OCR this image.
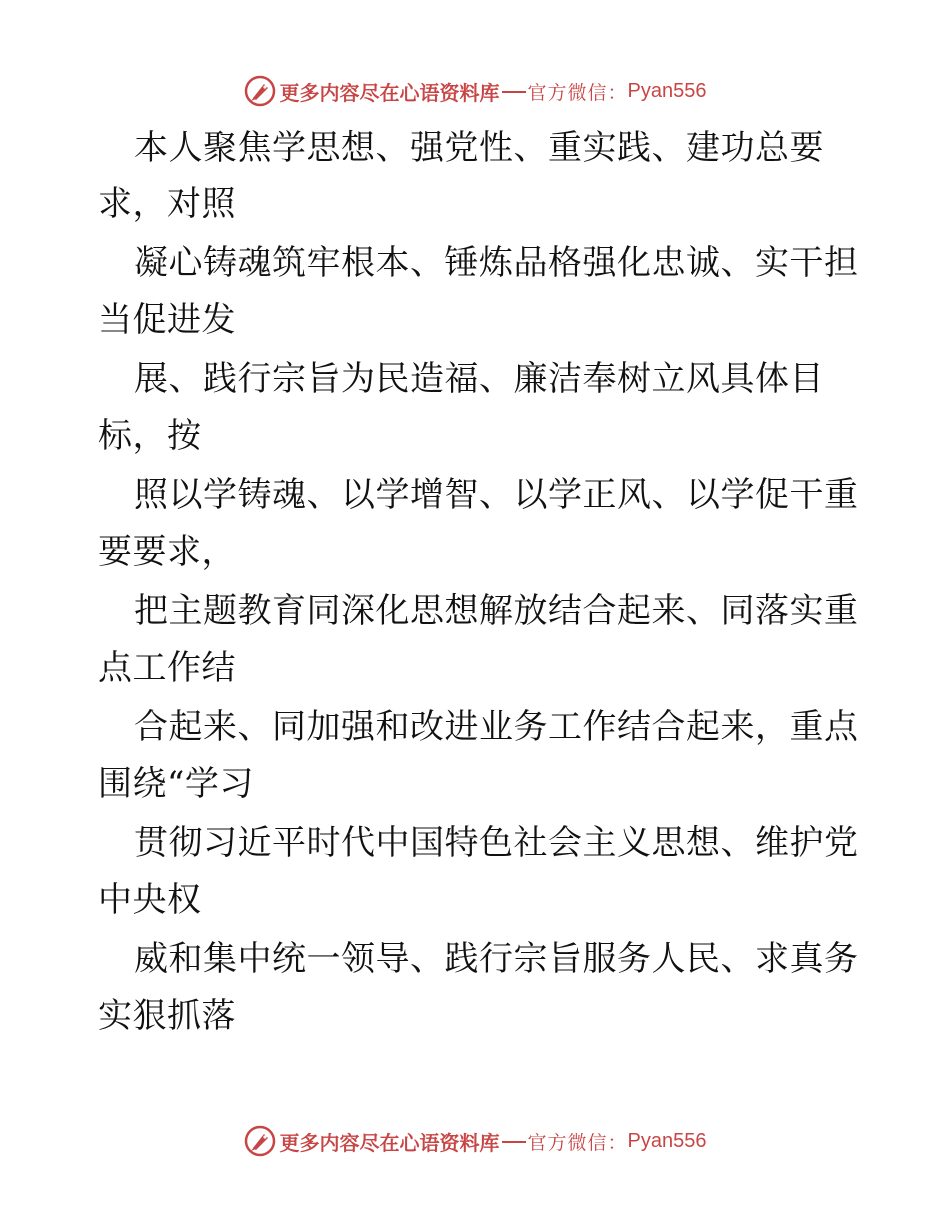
更多内容尽在心语资料库 官方微信： Pyan556
本人聚焦学思想、强党性、重实践、建功总要
求，对照
凝心铸魂筑牢根本、锤炼品格强化忠诚、实干担
当促进发
展、践行宗旨为民造福、廉洁奉树立风具体目
标，按
照以学铸魂、以学增智、以学正风、以学促干重
要要求，
把主题教育同深化思想解放结合起来、同落实重
点工作结
合起来、同加强和改进业务工作结合起来，重点
围绕“学习
贯彻习近平时代中国特色社会主义思想、维护党
中央权
威和集中统一领导、践行宗旨服务人民、求真务
实狠抓落
更多内容尽在心语资料库 官方微信： Pyan556
